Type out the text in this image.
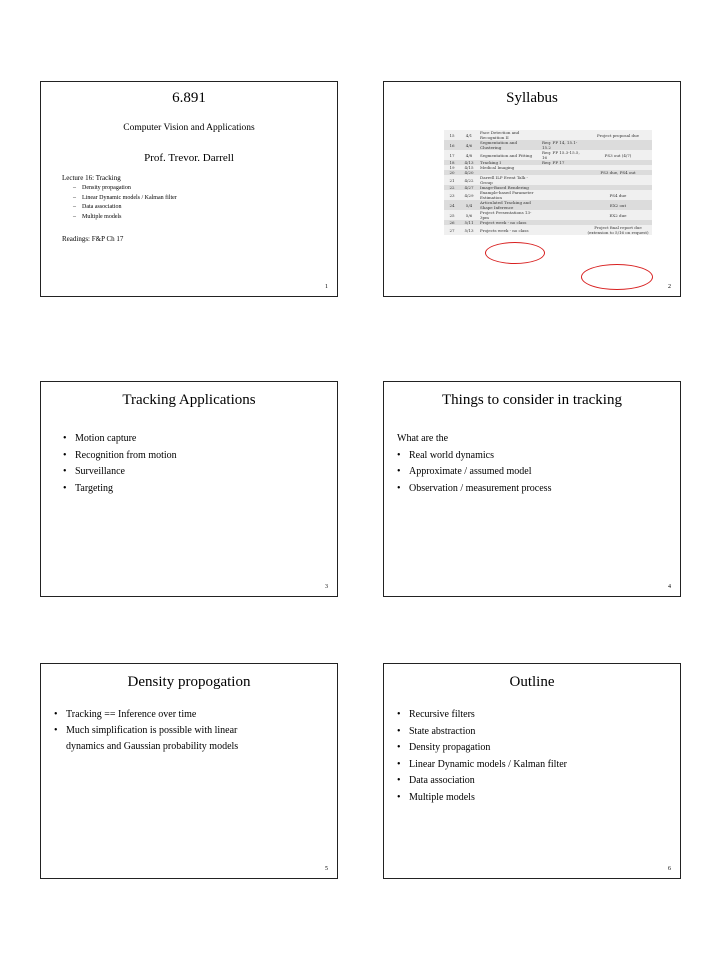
6.891
Computer Vision and Applications
Prof. Trevor. Darrell
Lecture 16: Tracking
– Density propagation
– Linear Dynamic models / Kalman filter
– Data association
– Multiple models
Readings: F&P Ch 17
1
Syllabus
15	4/1	Face Detection and Recognition II		Project proposal due
16	4/6	Segmentation and Clustering	Req: FP 14, 15.1-15.2	
17	4/8	Segmentation and Fitting	Req: FP 15.3-15.5, 16	PS3 out (4/7)
18	4/13	Tracking I	Req: FP 17	
19	4/15	Medical Imaging		
20	4/20			PS3 due, PS4 out
21	4/22	Darrell ILP Event Talk - Group		
22	4/27	Image-Based Rendering		
23	4/29	Example-based Parameter Estimation		PS4 due
24	5/4	Articulated Tracking and Shape Inference		EX2 out
25	5/6	Project Presentations 13-3pm		EX2 due
26	5/11	Project week - no class		
27	5/13	Projects week - no class		Project final report due (extension to 5/16 on request)
2
Tracking Applications
• Motion capture
• Recognition from motion
• Surveillance
• Targeting
3
Things to consider in tracking
What are the
• Real world dynamics
• Approximate / assumed model
• Observation / measurement process
4
Density propogation
• Tracking == Inference over time
• Much simplification is possible with linear dynamics and Gaussian probability models
5
Outline
• Recursive filters
• State abstraction
• Density propagation
• Linear Dynamic models / Kalman filter
• Data association
• Multiple models
6
